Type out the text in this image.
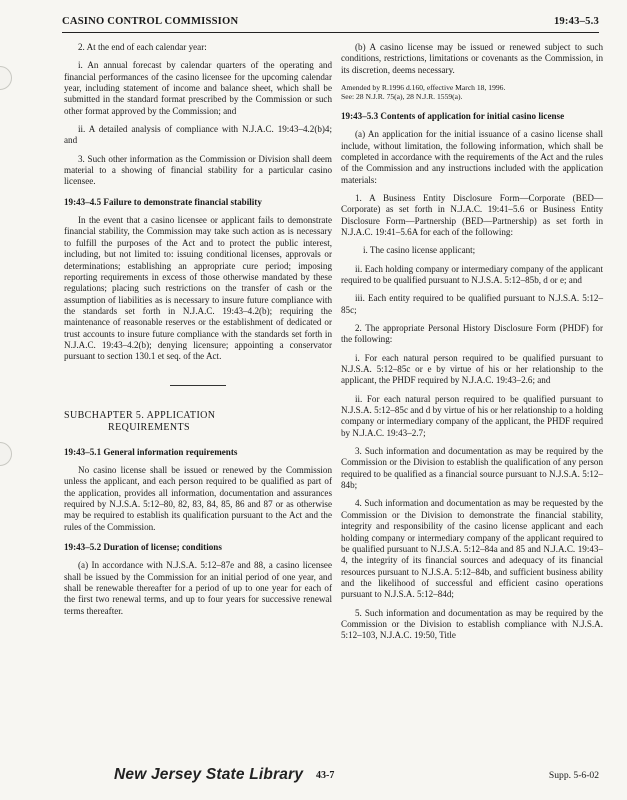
CASINO CONTROL COMMISSION	19:43–5.3

2. At the end of each calendar year:

i. An annual forecast by calendar quarters of the operating and financial performances of the casino licensee for the upcoming calendar year, including statement of income and balance sheet, which shall be submitted in the standard format prescribed by the Commission or such other format approved by the Commission; and

ii. A detailed analysis of compliance with N.J.A.C. 19:43–4.2(b)4; and

3. Such other information as the Commission or Division shall deem material to a showing of financial stability for a particular casino licensee.

19:43–4.5 Failure to demonstrate financial stability

In the event that a casino licensee or applicant fails to demonstrate financial stability, the Commission may take such action as is necessary to fulfill the purposes of the Act and to protect the public interest, including, but not limited to: issuing conditional licenses, approvals or determinations; establishing an appropriate cure period; imposing reporting requirements in excess of those otherwise mandated by these regulations; placing such restrictions on the transfer of cash or the assumption of liabilities as is necessary to insure future compliance with the standards set forth in N.J.A.C. 19:43–4.2(b); requiring the maintenance of reasonable reserves or the establishment of dedicated or trust accounts to insure future compliance with the standards set forth in N.J.A.C. 19:43–4.2(b); denying licensure; appointing a conservator pursuant to section 130.1 et seq. of the Act.

SUBCHAPTER 5. APPLICATION
REQUIREMENTS

19:43–5.1 General information requirements

No casino license shall be issued or renewed by the Commission unless the applicant, and each person required to be qualified as part of the application, provides all information, documentation and assurances required by N.J.S.A. 5:12–80, 82, 83, 84, 85, 86 and 87 or as otherwise may be required to establish its qualification pursuant to the Act and the rules of the Commission.

19:43–5.2 Duration of license; conditions

(a) In accordance with N.J.S.A. 5:12–87e and 88, a casino licensee shall be issued by the Commission for an initial period of one year, and shall be renewable thereafter for a period of up to one year for each of the first two renewal terms, and up to four years for successive renewal terms thereafter.

(b) A casino license may be issued or renewed subject to such conditions, restrictions, limitations or covenants as the Commission, in its discretion, deems necessary.

Amended by R.1996 d.160, effective March 18, 1996.
See: 28 N.J.R. 75(a), 28 N.J.R. 1559(a).

19:43–5.3 Contents of application for initial casino license

(a) An application for the initial issuance of a casino license shall include, without limitation, the following information, which shall be completed in accordance with the requirements of the Act and the rules of the Commission and any instructions included with the application materials:

1. A Business Entity Disclosure Form—Corporate (BED—Corporate) as set forth in N.J.A.C. 19:41–5.6 or Business Entity Disclosure Form—Partnership (BED—Partnership) as set forth in N.J.A.C. 19:41–5.6A for each of the following:

i. The casino license applicant;

ii. Each holding company or intermediary company of the applicant required to be qualified pursuant to N.J.S.A. 5:12–85b, d or e; and

iii. Each entity required to be qualified pursuant to N.J.S.A. 5:12–85c;

2. The appropriate Personal History Disclosure Form (PHDF) for the following:

i. For each natural person required to be qualified pursuant to N.J.S.A. 5:12–85c or e by virtue of his or her relationship to the applicant, the PHDF required by N.J.A.C. 19:43–2.6; and

ii. For each natural person required to be qualified pursuant to N.J.S.A. 5:12–85c and d by virtue of his or her relationship to a holding company or intermediary company of the applicant, the PHDF required by N.J.A.C. 19:43–2.7;

3. Such information and documentation as may be required by the Commission or the Division to establish the qualification of any person required to be qualified as a financial source pursuant to N.J.S.A. 5:12–84b;

4. Such information and documentation as may be requested by the Commission or the Division to demonstrate the financial stability, integrity and responsibility of the casino license applicant and each holding company or intermediary company of the applicant required to be qualified pursuant to N.J.S.A. 5:12–84a and 85 and N.J.A.C. 19:43–4, the integrity of its financial sources and adequacy of its financial resources pursuant to N.J.S.A. 5:12–84b, and sufficient business ability and the likelihood of successful and efficient casino operations pursuant to N.J.S.A. 5:12–84d;

5. Such information and documentation as may be required by the Commission or the Division to establish compliance with N.J.S.A. 5:12–103, N.J.A.C. 19:50, Title

New Jersey State Library 43-7	Supp. 5-6-02
